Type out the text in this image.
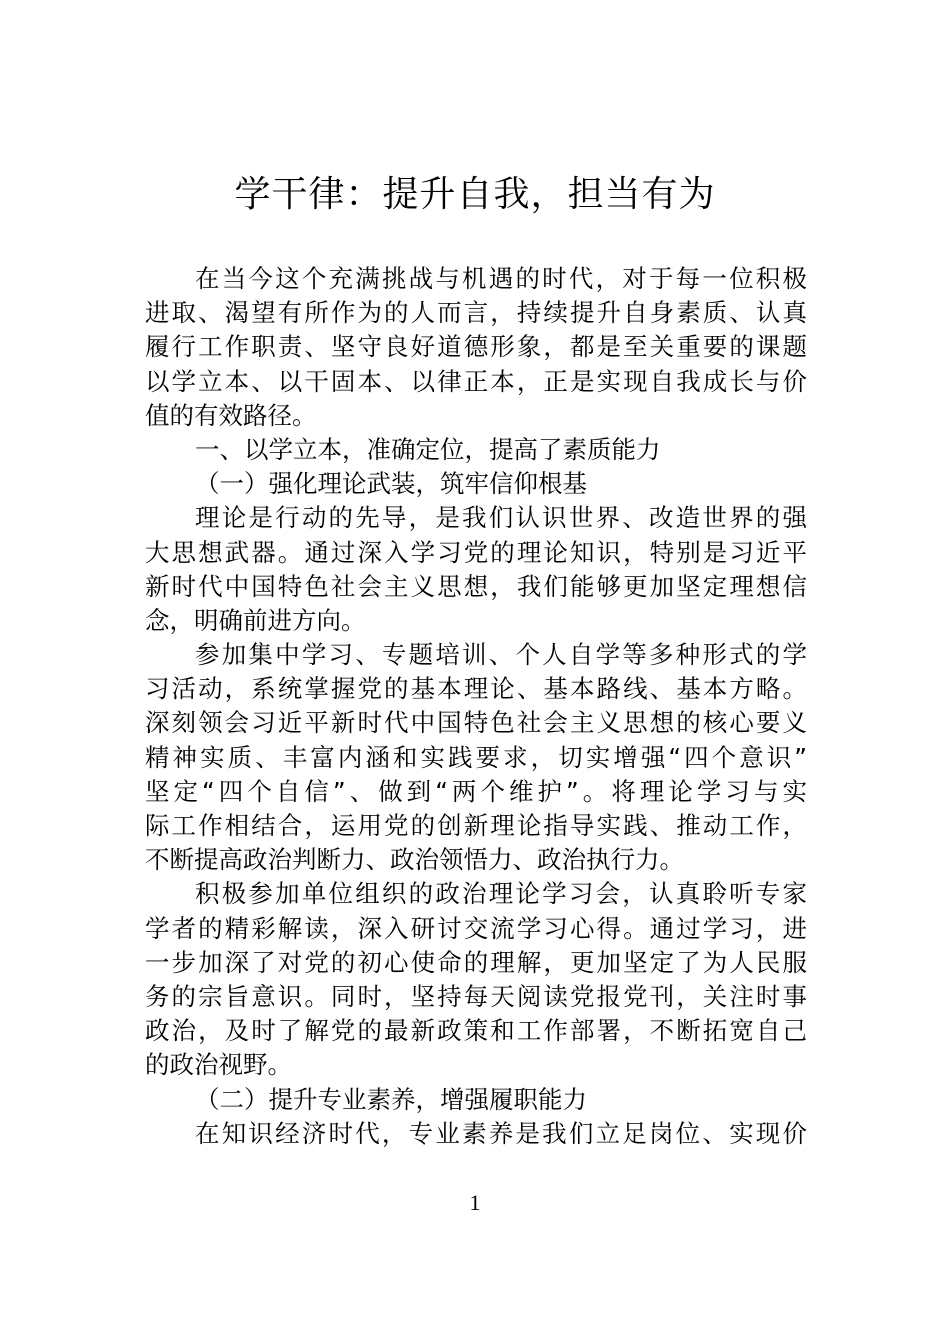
学干律：提升自我，担当有为
在当今这个充满挑战与机遇的时代，对于每一位积极
进取、渴望有所作为的人而言，持续提升自身素质、认真
履行工作职责、坚守良好道德形象，都是至关重要的课题
以学立本、以干固本、以律正本，正是实现自我成长与价
值的有效路径。
一、以学立本，准确定位，提高了素质能力
（一）强化理论武装，筑牢信仰根基
理论是行动的先导，是我们认识世界、改造世界的强
大思想武器。通过深入学习党的理论知识，特别是习近平
新时代中国特色社会主义思想，我们能够更加坚定理想信
念，明确前进方向。
参加集中学习、专题培训、个人自学等多种形式的学
习活动，系统掌握党的基本理论、基本路线、基本方略。
深刻领会习近平新时代中国特色社会主义思想的核心要义
精神实质、丰富内涵和实践要求，切实增强“四个意识”
坚定“四个自信”、做到“两个维护”。将理论学习与实
际工作相结合，运用党的创新理论指导实践、推动工作，
不断提高政治判断力、政治领悟力、政治执行力。
积极参加单位组织的政治理论学习会，认真聆听专家
学者的精彩解读，深入研讨交流学习心得。通过学习，进
一步加深了对党的初心使命的理解，更加坚定了为人民服
务的宗旨意识。同时，坚持每天阅读党报党刊，关注时事
政治，及时了解党的最新政策和工作部署，不断拓宽自己
的政治视野。
（二）提升专业素养，增强履职能力
在知识经济时代，专业素养是我们立足岗位、实现价
1
